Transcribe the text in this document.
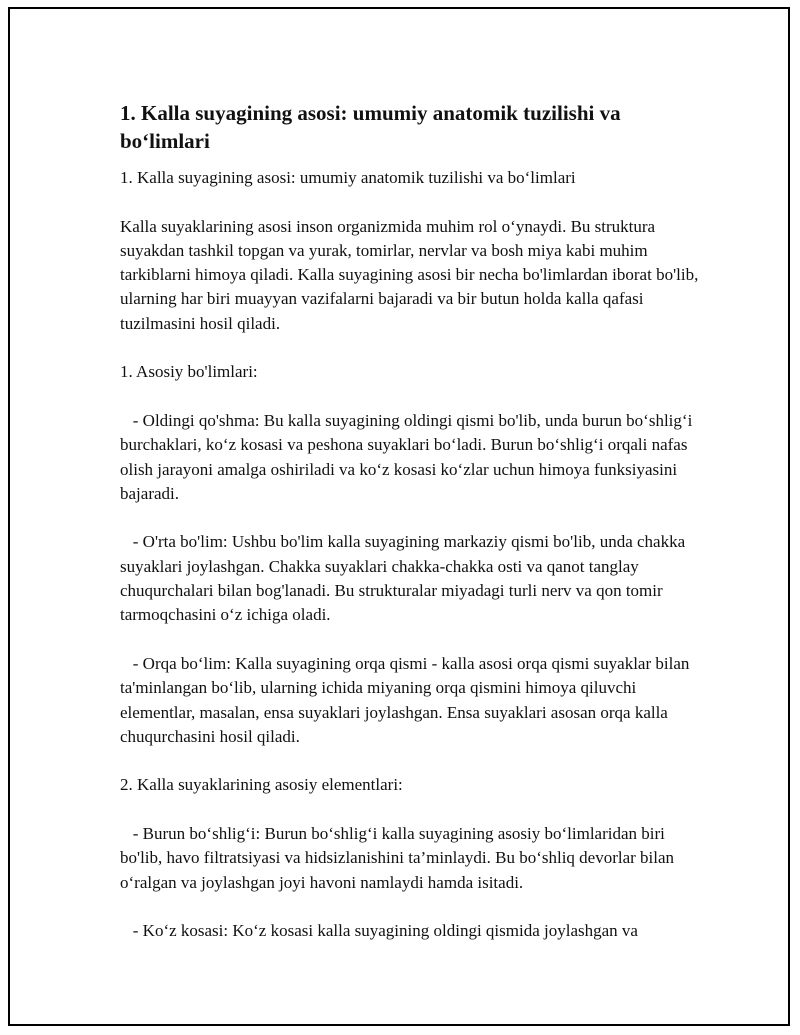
1. Kalla suyagining asosi: umumiy anatomik tuzilishi va bo‘limlari

1. Kalla suyagining asosi: umumiy anatomik tuzilishi va bo‘limlari

Kalla suyaklarining asosi inson organizmida muhim rol o‘ynaydi. Bu struktura suyakdan tashkil topgan va yurak, tomirlar, nervlar va bosh miya kabi muhim tarkiblarni himoya qiladi. Kalla suyagining asosi bir necha bo'limlardan iborat bo'lib, ularning har biri muayyan vazifalarni bajaradi va bir butun holda kalla qafasi tuzilmasini hosil qiladi.

1. Asosiy bo'limlari:

- Oldingi qo'shma: Bu kalla suyagining oldingi qismi bo'lib, unda burun bo‘shlig‘i burchaklari, ko‘z kosasi va peshona suyaklari bo‘ladi. Burun bo‘shlig‘i orqali nafas olish jarayoni amalga oshiriladi va ko‘z kosasi ko‘zlar uchun himoya funksiyasini bajaradi.

- O'rta bo'lim: Ushbu bo'lim kalla suyagining markaziy qismi bo'lib, unda chakka suyaklari joylashgan. Chakka suyaklari chakka-chakka osti va qanot tanglay chuqurchalari bilan bog'lanadi. Bu strukturalar miyadagi turli nerv va qon tomir tarmoqchasini o‘z ichiga oladi.

- Orqa bo‘lim: Kalla suyagining orqa qismi - kalla asosi orqa qismi suyaklar bilan ta'minlangan bo‘lib, ularning ichida miyaning orqa qismini himoya qiluvchi elementlar, masalan, ensa suyaklari joylashgan. Ensa suyaklari asosan orqa kalla chuqurchasini hosil qiladi.

2. Kalla suyaklarining asosiy elementlari:

- Burun bo‘shlig‘i: Burun bo‘shlig‘i kalla suyagining asosiy bo‘limlaridan biri bo'lib, havo filtratsiyasi va hidsizlanishini ta’minlaydi. Bu bo‘shliq devorlar bilan o‘ralgan va joylashgan joyi havoni namlaydi hamda isitadi.

- Ko‘z kosasi: Ko‘z kosasi kalla suyagining oldingi qismida joylashgan va
